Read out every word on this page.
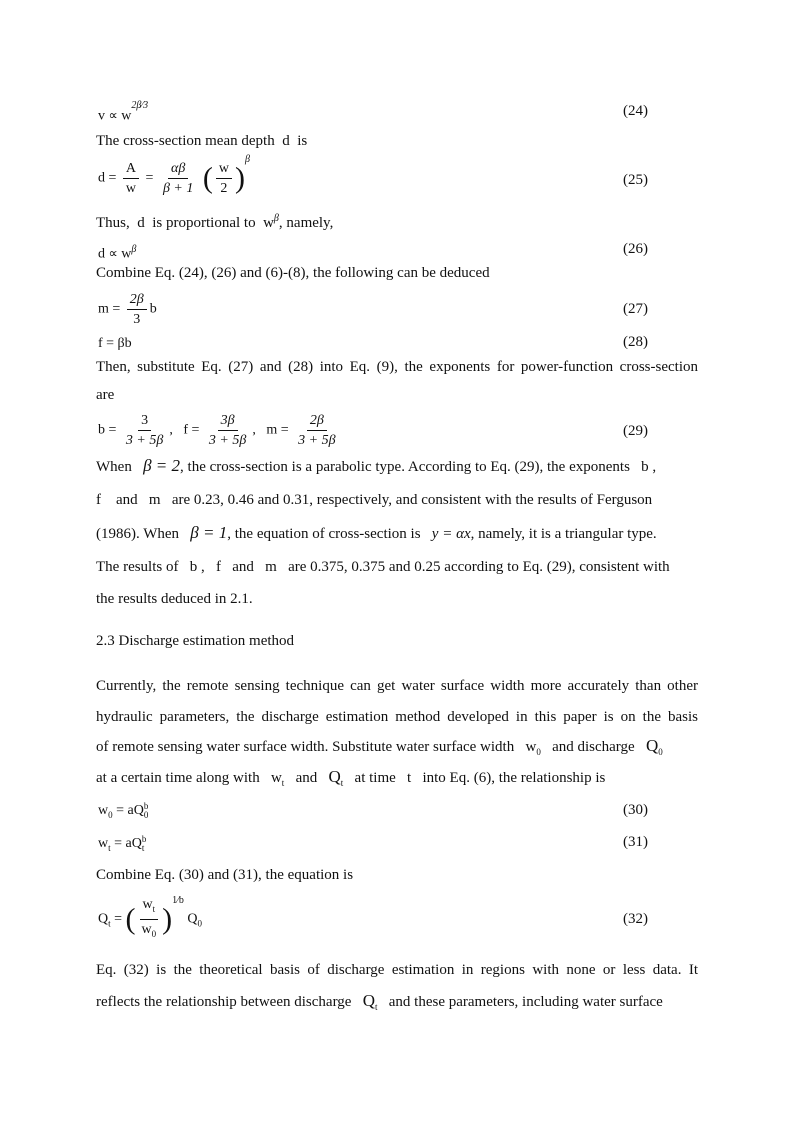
$v \propto w^{2\beta⁄3}$	(24)
The cross-section mean depth d is
$d = \frac{A}{w} = \frac{\alpha\beta}{\beta + 1}$ ( $\frac{w}{2} )^\beta$
(25)
Thus, d is proportional to $w^\beta$, namely,
$d \propto w^\beta$	(26)
Combine Eq. (24), (26) and (6)-(8), the following can be deduced
$m = \frac{2\beta}{3}$ b	(27)
f = βb	(28)
Then, substitute Eq. (27) and (28) into Eq. (9), the exponents for power-function cross-section
are
$b = \frac{3}{3 + 5\beta}$ ,   $f = \frac{3\beta}{3 + 5\beta}$ ,   $m = \frac{2\beta}{3 + 5\beta}$	(29)
When β = 2, the cross-section is a parabolic type. According to Eq. (29), the exponents b ,
f and m are 0.23, 0.46 and 0.31, respectively, and consistent with the results of Ferguson
(1986). When β = 1, the equation of cross-section is y = αx, namely, it is a triangular type.
The results of b , f and m are 0.375, 0.375 and 0.25 according to Eq. (29), consistent with
the results deduced in 2.1.
2.3 Discharge estimation method
Currently, the remote sensing technique can get water surface width more accurately than other
hydraulic parameters, the discharge estimation method developed in this paper is on the basis
of remote sensing water surface width. Substitute water surface width $w_0$ and discharge $Q_0$
at a certain time along with $w_t$ and $Q_t$ at time t into Eq. (6), the relationship is
$w_0$ = aQ b
0	(30)
$w_t$ = aQ b
t	(31)
Combine Eq. (30) and (31), the equation is
$Q_t$ = ( $\frac{w_t}{w_0} )^{1⁄b}$ $Q_0$	(32)
Eq. (32) is the theoretical basis of discharge estimation in regions with none or less data. It
reflects the relationship between discharge $Q_t$ and these parameters, including water surface
